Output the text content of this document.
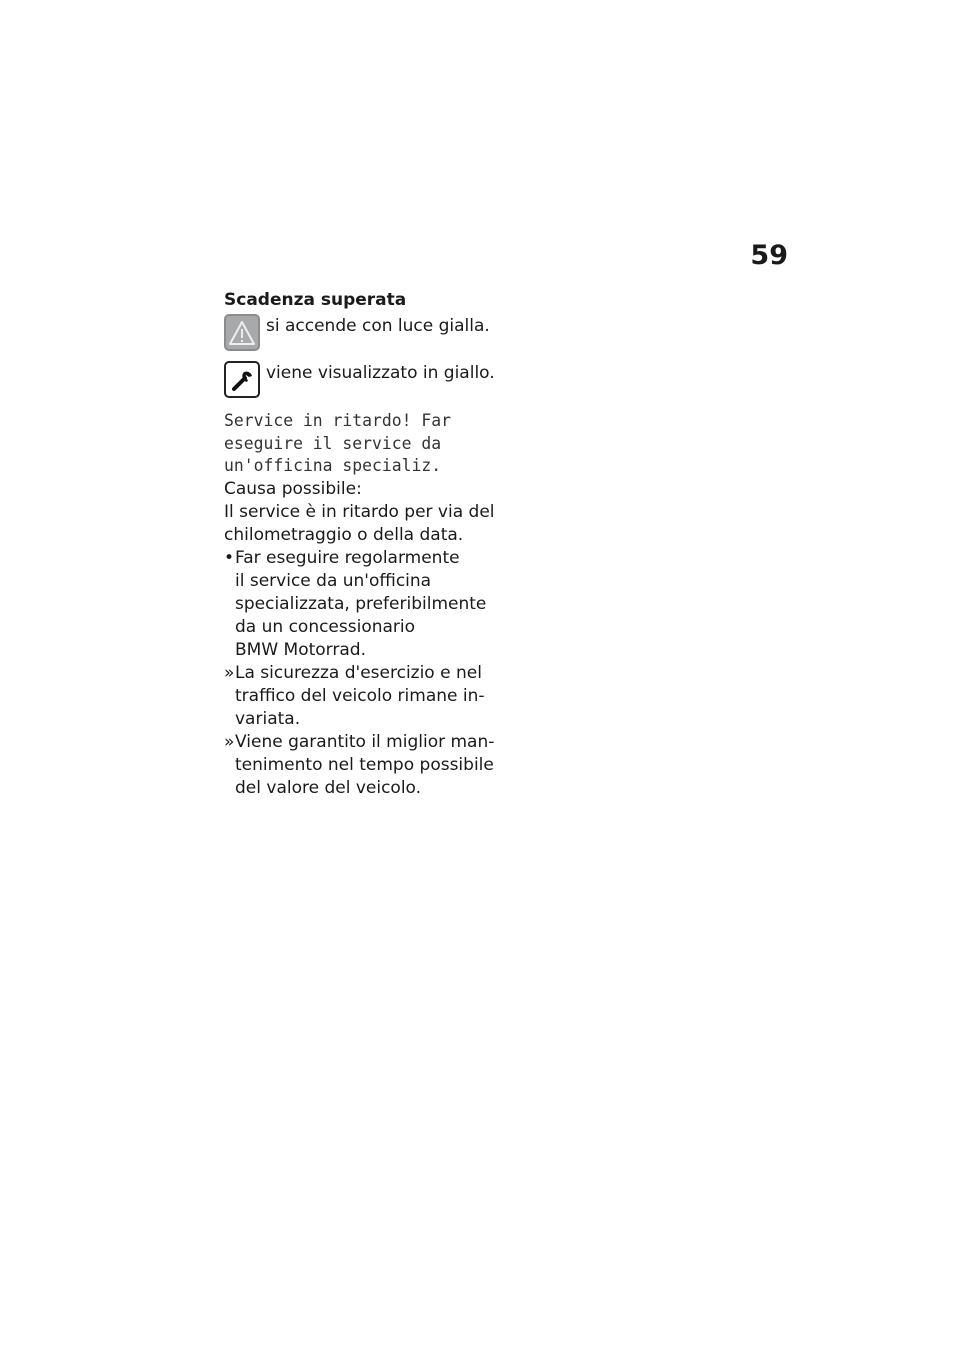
59
Scadenza superata
si accende con luce gialla.
viene visualizzato in giallo.
Service in ritardo! Far
eseguire il service da
un'officina specializ.
Causa possibile:
Il service è in ritardo per via del
chilometraggio o della data.
• Far eseguire regolarmente
il service da un'officina
specializzata, preferibilmente
da un concessionario
BMW Motorrad.
» La sicurezza d'esercizio e nel
traffico del veicolo rimane in-
variata.
» Viene garantito il miglior man-
tenimento nel tempo possibile
del valore del veicolo.
